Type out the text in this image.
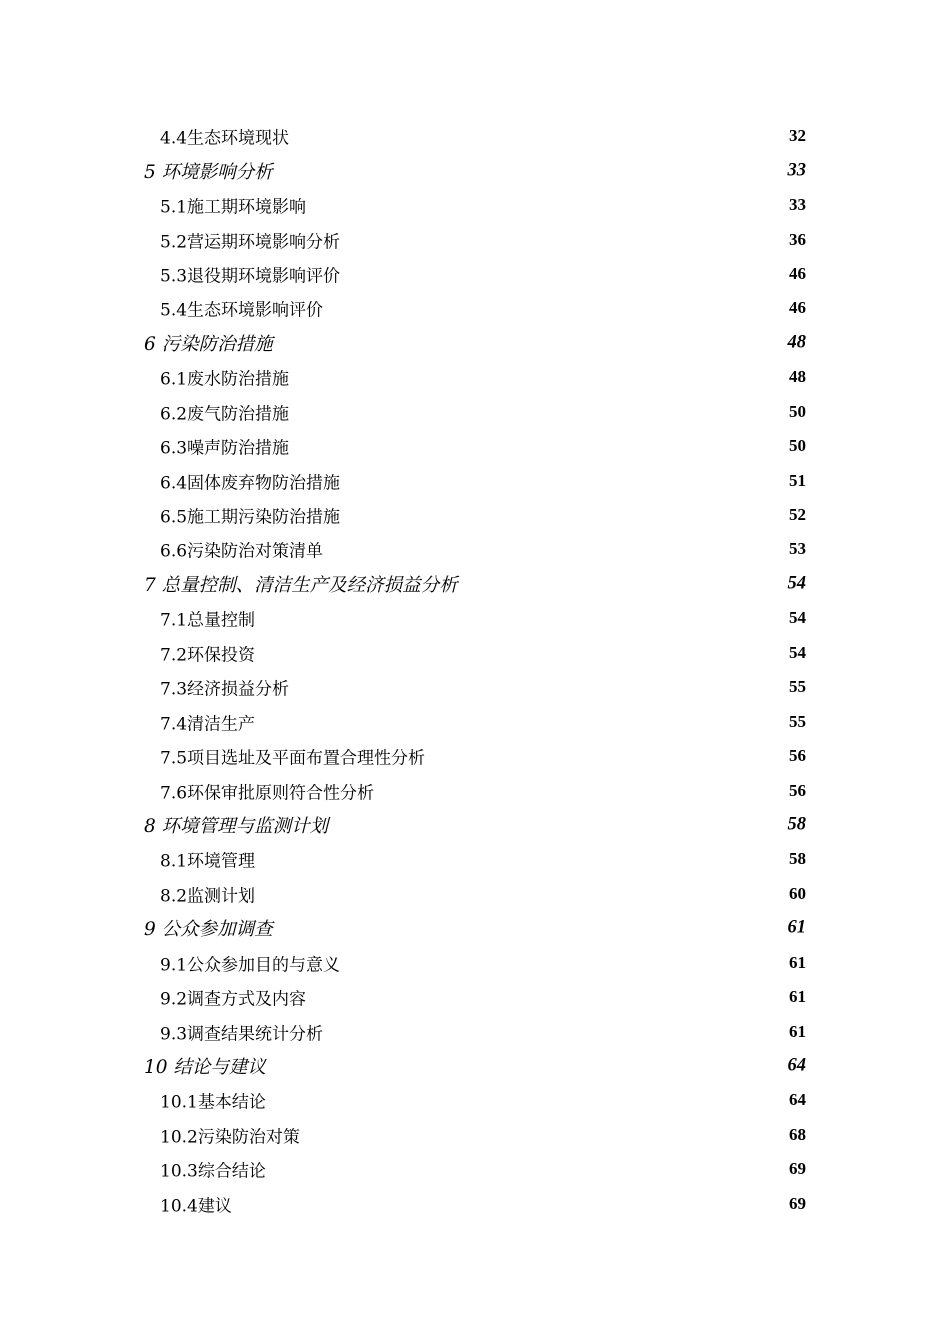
4.4生态环境现状	32
5 环境影响分析	33
5.1施工期环境影响	33
5.2营运期环境影响分析	36
5.3退役期环境影响评价	46
5.4生态环境影响评价	46
6 污染防治措施	48
6.1废水防治措施	48
6.2废气防治措施	50
6.3噪声防治措施	50
6.4固体废弃物防治措施	51
6.5施工期污染防治措施	52
6.6污染防治对策清单	53
7 总量控制、清洁生产及经济损益分析	54
7.1总量控制	54
7.2环保投资	54
7.3经济损益分析	55
7.4清洁生产	55
7.5项目选址及平面布置合理性分析	56
7.6环保审批原则符合性分析	56
8 环境管理与监测计划	58
8.1环境管理	58
8.2监测计划	60
9 公众参加调查	61
9.1公众参加目的与意义	61
9.2调查方式及内容	61
9.3调查结果统计分析	61
10 结论与建议	64
10.1基本结论	64
10.2污染防治对策	68
10.3综合结论	69
10.4建议	69
